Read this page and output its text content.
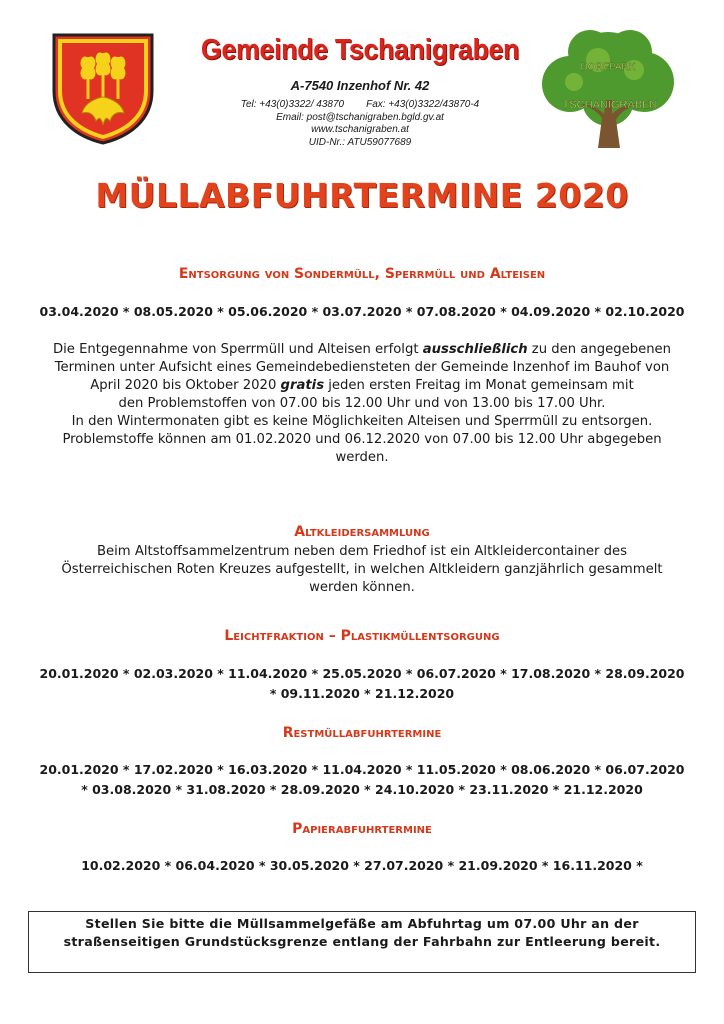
Gemeinde Tschanigraben
A-7540 Inzenhof Nr. 42
Tel: +43(0)3322/ 43870 Fax: +43(0)3322/43870-4
Email: post@tschanigraben.bgld.gv.at
www.tschanigraben.at
UID-Nr.: ATU59077689
DORFPARK
TSCHANIGRABEN
MÜLLABFUHRTERMINE 2020
Entsorgung von Sondermüll, Sperrmüll und Alteisen
03.04.2020 * 08.05.2020 * 05.06.2020 * 03.07.2020 * 07.08.2020 * 04.09.2020 * 02.10.2020
Die Entgegennahme von Sperrmüll und Alteisen erfolgt ausschließlich zu den angegebenen Terminen unter Aufsicht eines Gemeindebediensteten der Gemeinde Inzenhof im Bauhof von April 2020 bis Oktober 2020 gratis jeden ersten Freitag im Monat gemeinsam mit
den Problemstoffen von 07.00 bis 12.00 Uhr und von 13.00 bis 17.00 Uhr.
In den Wintermonaten gibt es keine Möglichkeiten Alteisen und Sperrmüll zu entsorgen. Problemstoffe können am 01.02.2020 und 06.12.2020 von 07.00 bis 12.00 Uhr abgegeben werden.
Altkleidersammlung
Beim Altstoffsammelzentrum neben dem Friedhof ist ein Altkleidercontainer des Österreichischen Roten Kreuzes aufgestellt, in welchen Altkleidern ganzjährlich gesammelt werden können.
Leichtfraktion – Plastikmüllentsorgung
20.01.2020 * 02.03.2020 * 11.04.2020 * 25.05.2020 * 06.07.2020 * 17.08.2020 * 28.09.2020
* 09.11.2020 * 21.12.2020
Restmüllabfuhrtermine
20.01.2020 * 17.02.2020 * 16.03.2020 * 11.04.2020 * 11.05.2020 * 08.06.2020 * 06.07.2020
* 03.08.2020 * 31.08.2020 * 28.09.2020 * 24.10.2020 * 23.11.2020 * 21.12.2020
Papierabfuhrtermine
10.02.2020 * 06.04.2020 * 30.05.2020 * 27.07.2020 * 21.09.2020 * 16.11.2020 *
Stellen Sie bitte die Müllsammelgefäße am Abfuhrtag um 07.00 Uhr an der straßenseitigen Grundstücksgrenze entlang der Fahrbahn zur Entleerung bereit.
